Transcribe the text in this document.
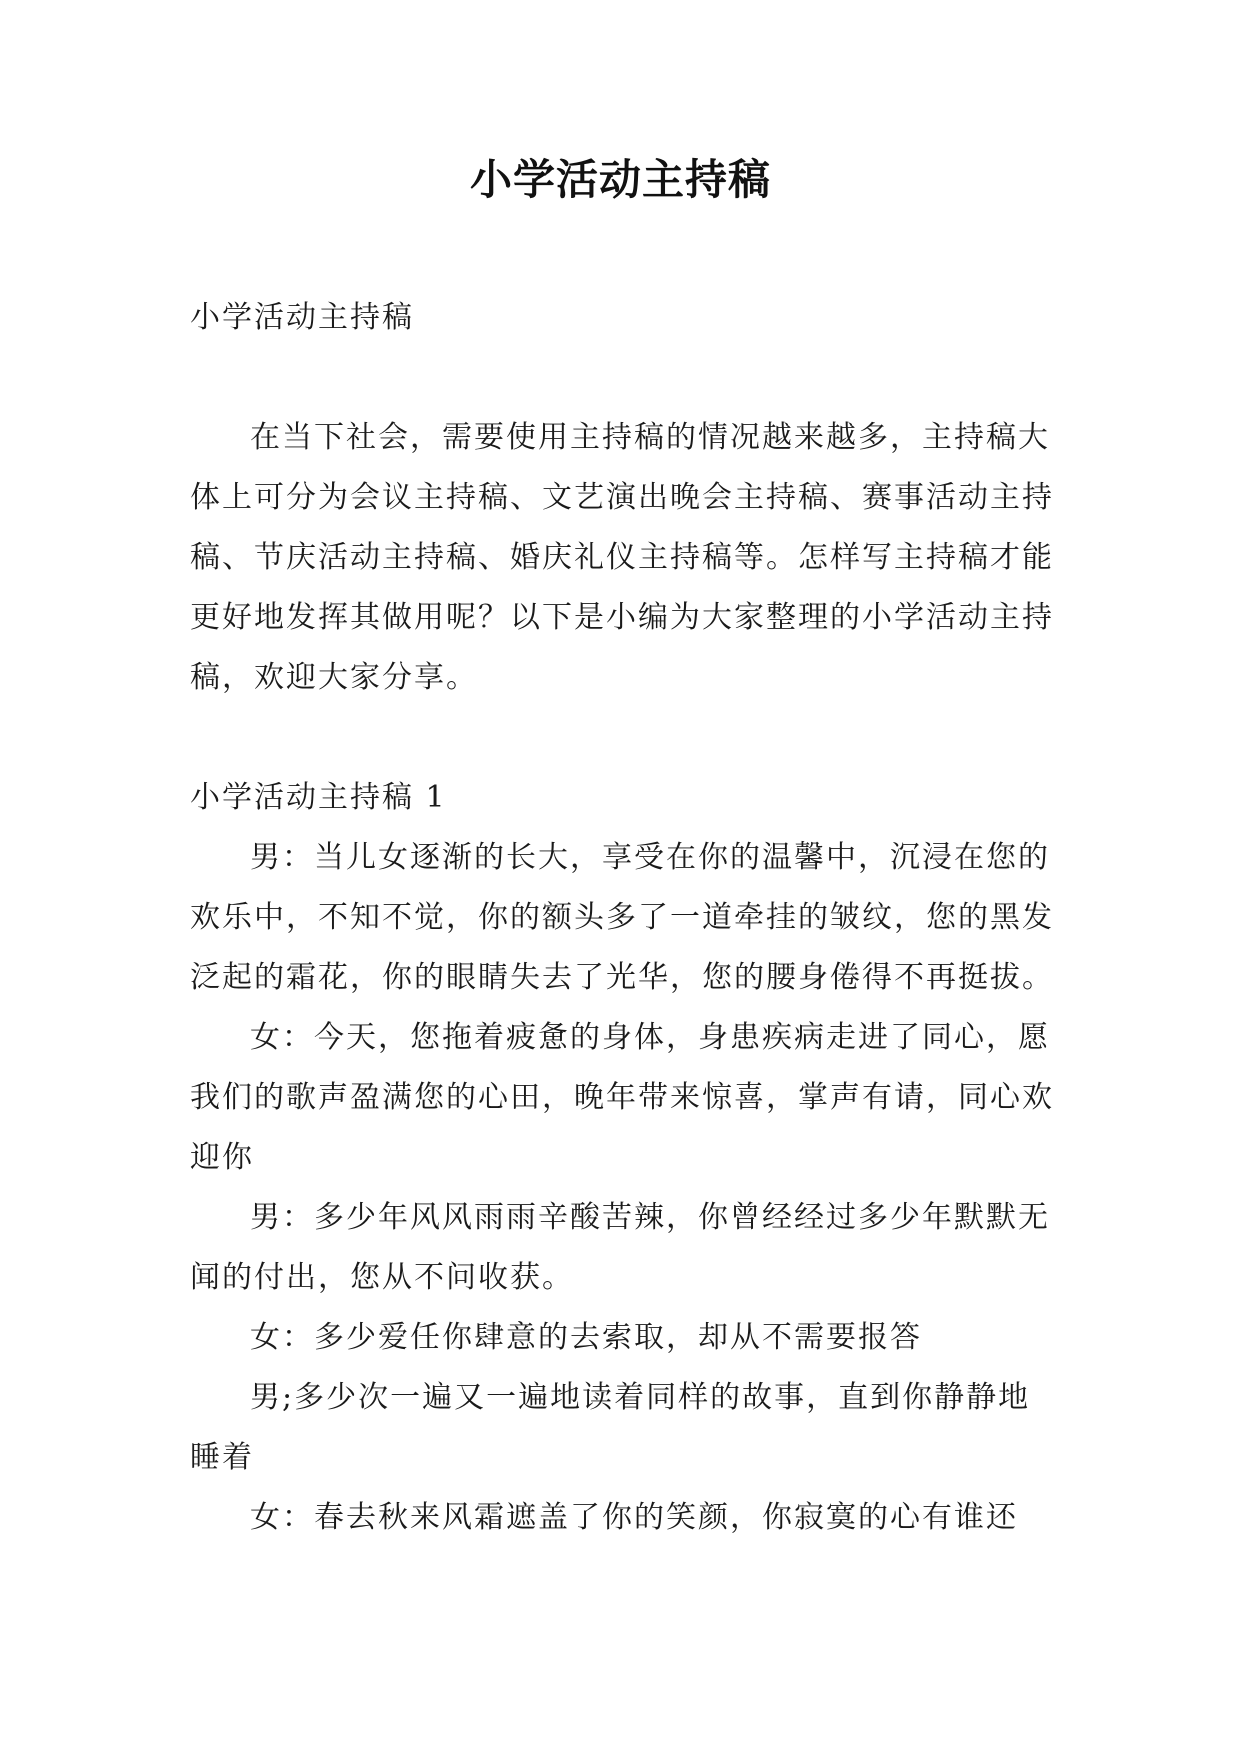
小学活动主持稿

小学活动主持稿

在当下社会，需要使用主持稿的情况越来越多，主持稿大体上可分为会议主持稿、文艺演出晚会主持稿、赛事活动主持稿、节庆活动主持稿、婚庆礼仪主持稿等。怎样写主持稿才能更好地发挥其做用呢？以下是小编为大家整理的小学活动主持稿，欢迎大家分享。

小学活动主持稿 1

男：当儿女逐渐的长大，享受在你的温馨中，沉浸在您的欢乐中，不知不觉，你的额头多了一道牵挂的皱纹，您的黑发泛起的霜花，你的眼睛失去了光华，您的腰身倦得不再挺拔。

女：今天，您拖着疲惫的身体，身患疾病走进了同心，愿我们的歌声盈满您的心田，晚年带来惊喜，掌声有请，同心欢迎你

男：多少年风风雨雨辛酸苦辣，你曾经经过多少年默默无闻的付出，您从不问收获。

女：多少爱任你肆意的去索取，却从不需要报答

男;多少次一遍又一遍地读着同样的故事，直到你静静地睡着

女：春去秋来风霜遮盖了你的笑颜，你寂寞的心有谁还
